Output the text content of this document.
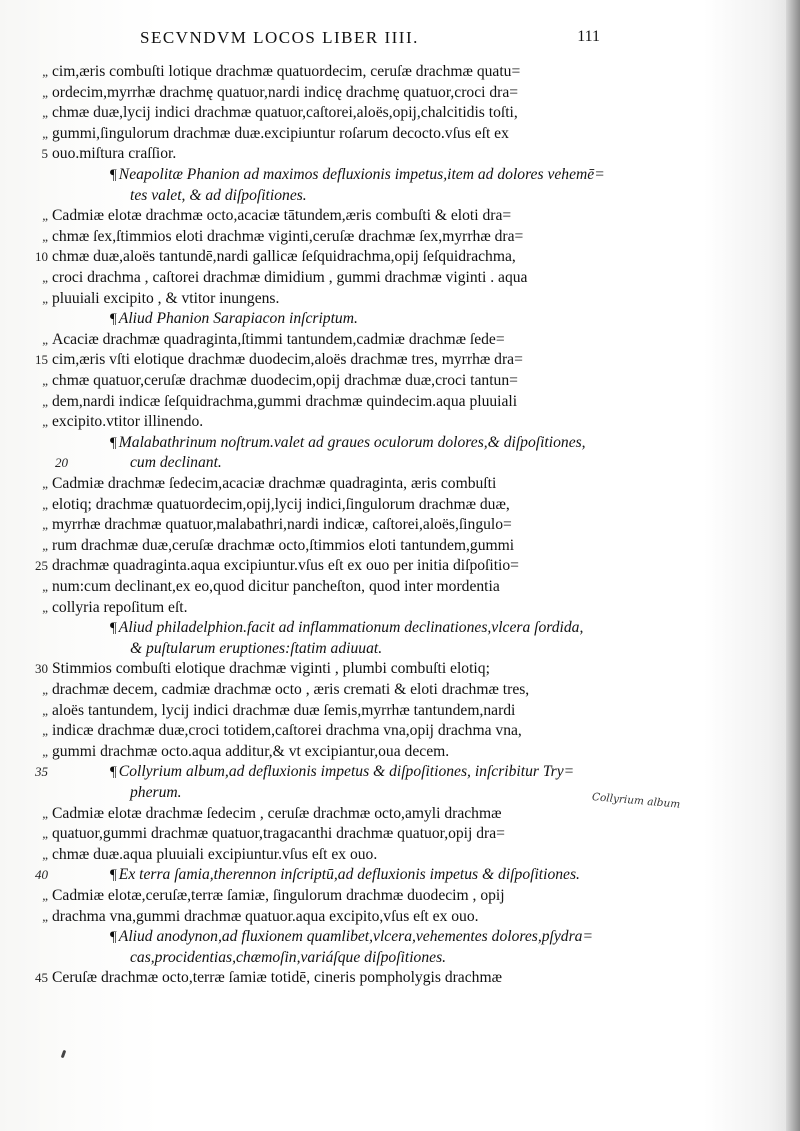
SECVNDVM LOCOS LIBER IIII.	111
„ cim,æris combuſti lotique drachmæ quatuordecim, ceruſæ drachmæ quatu=
„ ordecim,myrrhæ drachmę quatuor,nardi indicę drachmę quatuor,croci dra=
„ chmæ duæ,lycij indici drachmæ quatuor,caſtorei,aloës,opij,chalcitidis toſti,
„ gummi,ſingulorum drachmæ duæ.excipiuntur roſarum decocto.vſus eſt ex
5 ouo.miſtura craſſior.
¶ Neapolitæ Phanion ad maximos defluxionis impetus,item ad dolores vehemē=
tes valet, & ad diſpoſitiones.
„ Cadmiæ elotæ drachmæ octo,acaciæ tātundem,æris combuſti & eloti dra=
„ chmæ ſex,ſtimmios eloti drachmæ viginti,ceruſæ drachmæ ſex,myrrhæ dra=
10 chmæ duæ,aloës tantundē,nardi gallicæ ſeſquidrachma,opij ſeſquidrachma,
„ croci drachma , caſtorei drachmæ dimidium , gummi drachmæ viginti . aqua
„ pluuiali excipito , & vtitor inungens.
¶ Aliud Phanion Sarapiacon inſcriptum.
„ Acaciæ drachmæ quadraginta,ſtimmi tantundem,cadmiæ drachmæ ſede=
15 cim,æris vſti elotique drachmæ duodecim,aloës drachmæ tres, myrrhæ dra=
„ chmæ quatuor,ceruſæ drachmæ duodecim,opij drachmæ duæ,croci tantun=
„ dem,nardi indicæ ſeſquidrachma,gummi drachmæ quindecim.aqua pluuiali
„ excipito.vtitor illinendo.
¶ Malabathrinum noſtrum.valet ad graues oculorum dolores,& diſpoſitiones,
20	cum declinant.
„ Cadmiæ drachmæ ſedecim,acaciæ drachmæ quadraginta, æris combuſti
„ elotiq; drachmæ quatuordecim,opij,lycij indici,ſingulorum drachmæ duæ,
„ myrrhæ drachmæ quatuor,malabathri,nardi indicæ, caſtorei,aloës,ſingulo=
„ rum drachmæ duæ,ceruſæ drachmæ octo,ſtimmios eloti tantundem,gummi
25 drachmæ quadraginta.aqua excipiuntur.vſus eſt ex ouo per initia diſpoſitio=
„ num:cum declinant,ex eo,quod dicitur pancheſton, quod inter mordentia
„ collyria repoſitum eſt.
¶ Aliud philadelphion.facit ad inflammationum declinationes,vlcera ſordida,
& puſtularum eruptiones:ſtatim adiuuat.
30 Stimmios combuſti elotique drachmæ viginti , plumbi combuſti elotiq;
„ drachmæ decem, cadmiæ drachmæ octo , æris cremati & eloti drachmæ tres,
„ aloës tantundem, lycij indici drachmæ duæ ſemis,myrrhæ tantundem,nardi
„ indicæ drachmæ duæ,croci totidem,caſtorei drachma vna,opij drachma vna,
„ gummi drachmæ octo.aqua additur,& vt excipiantur,oua decem.
35	¶ Collyrium album,ad defluxionis impetus & diſpoſitiones, inſcribitur Try=
pherum.
„ Cadmiæ elotæ drachmæ ſedecim , ceruſæ drachmæ octo,amyli drachmæ
„ quatuor,gummi drachmæ quatuor,tragacanthi drachmæ quatuor,opij dra=
„ chmæ duæ.aqua pluuiali excipiuntur.vſus eſt ex ouo.
40	¶ Ex terra ſamia,therennon inſcriptū,ad defluxionis impetus & diſpoſitiones.
„ Cadmiæ elotæ,ceruſæ,terræ ſamiæ, ſingulorum drachmæ duodecim , opij
„ drachma vna,gummi drachmæ quatuor.aqua excipito,vſus eſt ex ouo.
¶ Aliud anodynon,ad fluxionem quamlibet,vlcera,vehementes dolores,pſydra=
cas,procidentias,chæmoſin,variáſque diſpoſitiones.
45 Ceruſæ drachmæ octo,terræ ſamiæ totidē, cineris pompholygis drachmæ
Collyrium album
